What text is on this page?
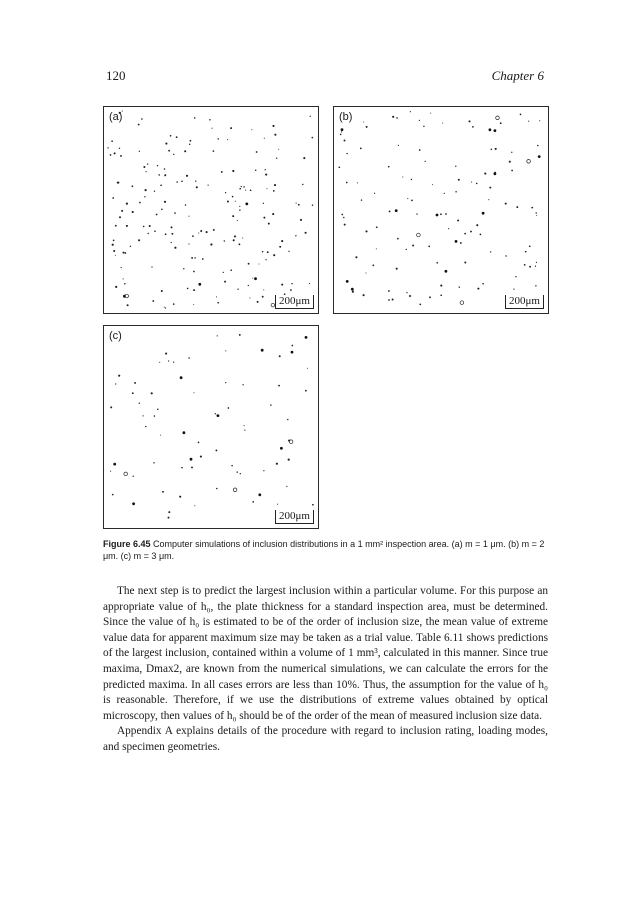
120	Chapter 6
(a)
200μm
(b)
200μm
(c)
200μm
Figure 6.45 Computer simulations of inclusion distributions in a 1 mm² inspection area. (a) m = 1 μm. (b) m = 2 μm. (c) m = 3 μm.

The next step is to predict the largest inclusion within a particular volume. For this purpose an appropriate value of h₀, the plate thickness for a standard inspection area, must be determined. Since the value of h₀ is estimated to be of the order of inclusion size, the mean value of extreme value data for apparent maximum size may be taken as a trial value. Table 6.11 shows predictions of the largest inclusion, contained within a volume of 1 mm³, calculated in this manner. Since true maxima, Dmax2, are known from the numerical simulations, we can calculate the errors for the predicted maxima. In all cases errors are less than 10%. Thus, the assumption for the value of h₀ is reasonable. Therefore, if we use the distributions of extreme values obtained by optical microscopy, then values of h₀ should be of the order of the mean of measured inclusion size data.

Appendix A explains details of the procedure with regard to inclusion rating, loading modes, and specimen geometries.
